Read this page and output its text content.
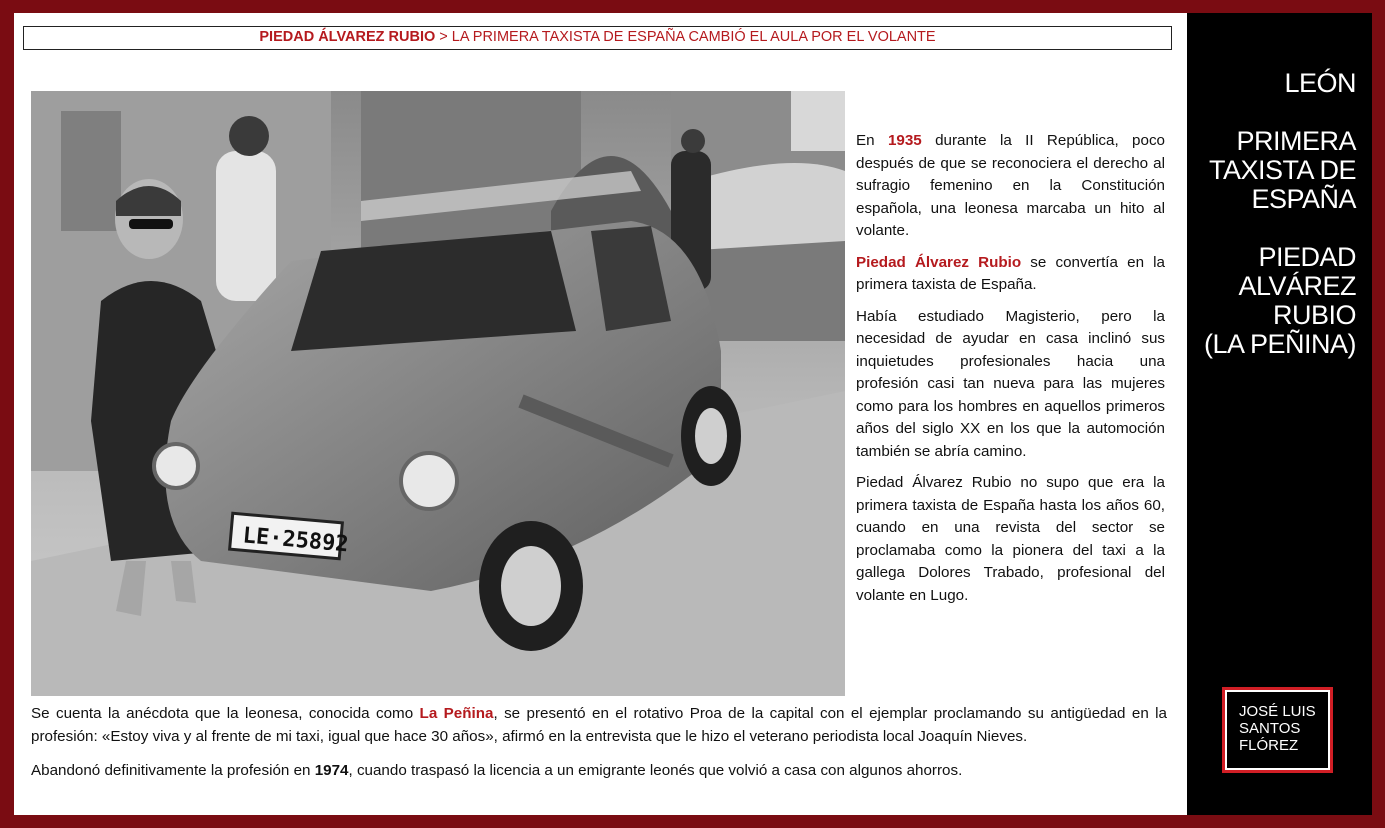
PIEDAD ÁLVAREZ RUBIO > LA PRIMERA TAXISTA DE ESPAÑA CAMBIÓ EL AULA POR EL VOLANTE
LE·25892

En 1935 durante la II República, poco después de que se reconociera el derecho al sufragio femenino en la Constitución española, una leonesa marcaba un hito al volante.

Piedad Álvarez Rubio se convertía en la primera taxista de España.

Había estudiado Magisterio, pero la necesidad de ayudar en casa inclinó sus inquietudes profesionales hacia una profesión casi tan nueva para las mujeres como para los hombres en aquellos primeros años del siglo XX en los que la automoción también se abría camino.

Piedad Álvarez Rubio no supo que era la primera taxista de España hasta los años 60, cuando en una revista del sector se proclamaba como la pionera del taxi a la gallega Dolores Trabado, profesional del volante en Lugo.

Se cuenta la anécdota que la leonesa, conocida como La Peñina, se presentó en el rotativo Proa de la capital con el ejemplar proclamando su antigüedad en la profesión: «Estoy viva y al frente de mi taxi, igual que hace 30 años», afirmó en la entrevista que le hizo el veterano periodista local Joaquín Nieves.

Abandonó definitivamente la profesión en 1974, cuando traspasó la licencia a un emigrante leonés que volvió a casa con algunos ahorros.

LEÓN
PRIMERA
TAXISTA DE
ESPAÑA
PIEDAD
ALVÁREZ
RUBIO
(LA PEÑINA)
JOSÉ LUIS
SANTOS
FLÓREZ
